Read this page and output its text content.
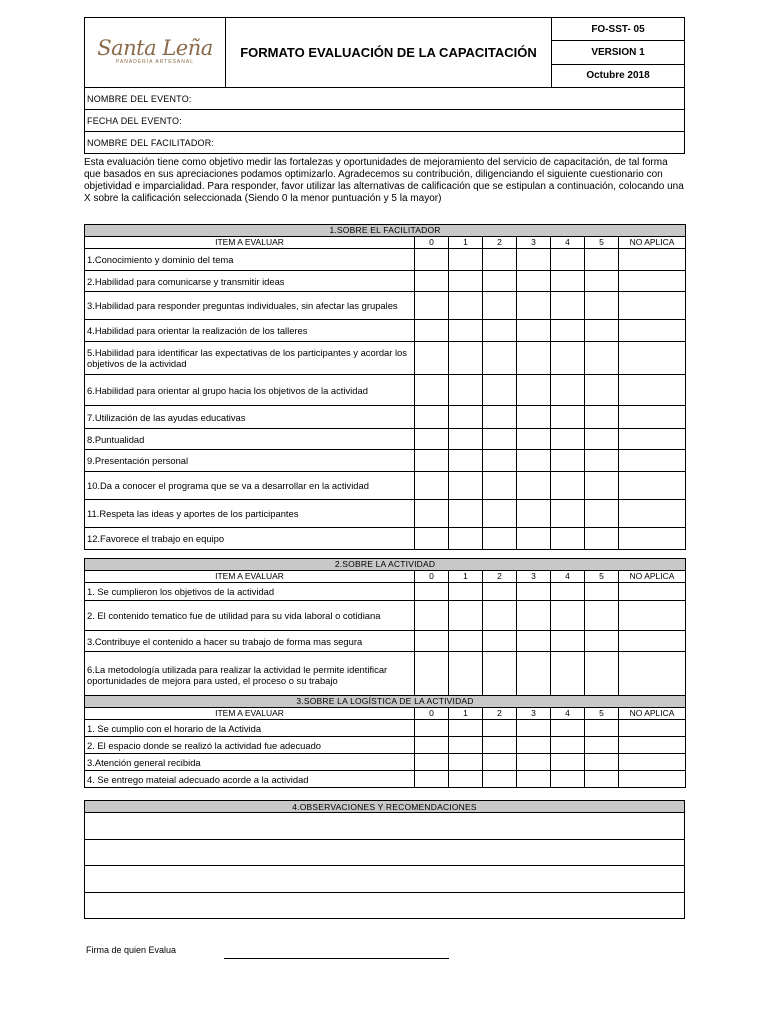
Santa Leña
PANADERÍA ARTESANAL
	FORMATO EVALUACIÓN DE LA CAPACITACIÓN	FO-SST- 05
VERSION 1
Octubre 2018
NOMBRE DEL EVENTO:
FECHA DEL EVENTO:
NOMBRE DEL FACILITADOR:
Esta evaluación tiene como objetivo medir las fortalezas y oportunidades de mejoramiento del servicio de capacitación, de tal forma que basados en sus apreciaciones podamos optimizarlo. Agradecemos su contribución, diligenciando el siguiente cuestionario con objetividad e imparcialidad. Para responder, favor utilizar las alternativas de calificación que se estipulan a continuación, colocando una X sobre la calificación seleccionada (Siendo 0 la menor puntuación y 5 la mayor)
1.SOBRE EL FACILITADOR							
ITEM A EVALUAR	0	1	2	3	4	5	NO APLICA
1.Conocimiento y dominio del tema							
2.Habilidad para comunicarse y transmitir ideas							
3.Habilidad para responder preguntas individuales, sin afectar las grupales							
4.Habilidad para orientar la realización de los talleres							
5.Habilidad para identificar las expectativas de los participantes y acordar los objetivos de la actividad							
6.Habilidad para orientar al grupo hacia los objetivos de la actividad							
7.Utilización de las ayudas educativas							
8.Puntualidad							
9.Presentación personal							
10.Da a conocer el programa que se va a desarrollar en la actividad							
11.Respeta las ideas y aportes de los participantes							
12.Favorece el trabajo en equipo							
2.SOBRE LA ACTIVIDAD							
ITEM A EVALUAR	0	1	2	3	4	5	NO APLICA
1. Se cumplieron los objetivos de la actividad							
2. El contenido tematico fue de utilidad para su vida laboral o cotidiana							
3.Contribuye el contenido a hacer su trabajo de forma mas segura							
6.La metodología utilizada para realizar la actividad le permite identificar oportunidades de mejora para usted, el proceso o su trabajo							
3.SOBRE LA LOGÍSTICA DE LA ACTIVIDAD							
ITEM A EVALUAR	0	1	2	3	4	5	NO APLICA
1. Se cumplio con el horario de la Activida							
2. El espacio donde se realizó la actividad fue adecuado							
3.Atención general recibida							
4. Se entrego mateial adecuado acorde a la actividad							
4.OBSERVACIONES Y RECOMENDACIONES

Firma de quien Evalua
